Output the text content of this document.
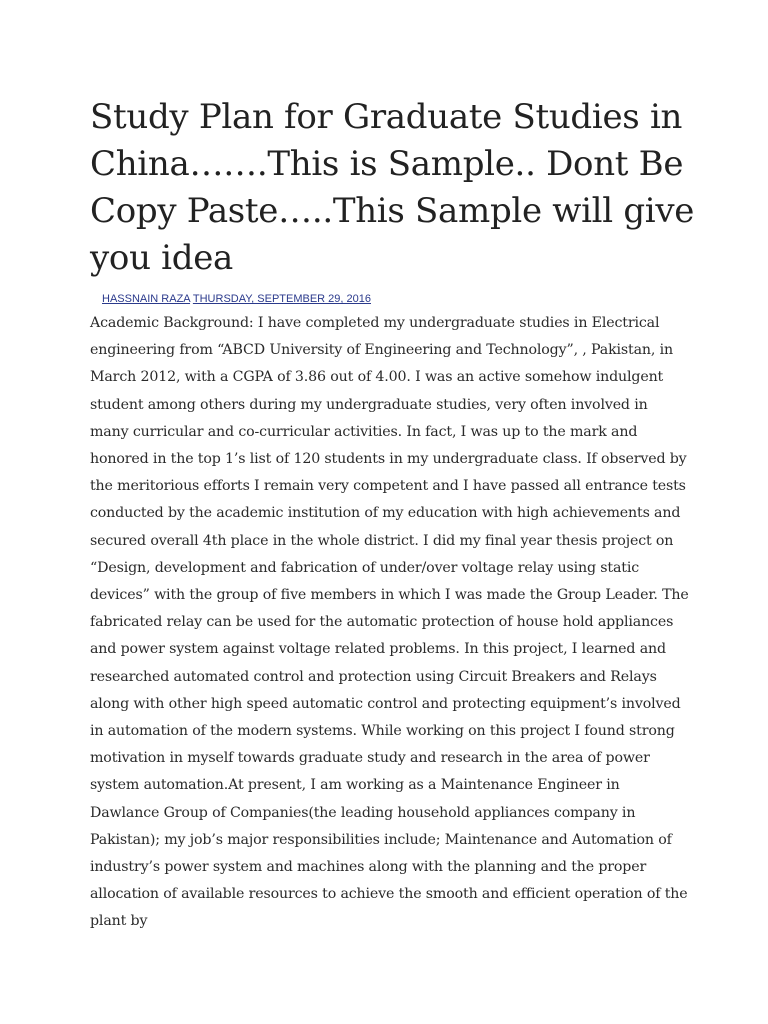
Study Plan for Graduate Studies in China…….This is Sample.. Dont Be Copy Paste…..This Sample will give you idea
HASSNAIN RAZA THURSDAY, SEPTEMBER 29, 2016

Academic Background: I have completed my undergraduate studies in Electrical engineering from “ABCD University of Engineering and Technology”, , Pakistan, in March 2012, with a CGPA of 3.86 out of 4.00. I was an active somehow indulgent student among others during my undergraduate studies, very often involved in many curricular and co-curricular activities. In fact, I was up to the mark and honored in the top 1’s list of 120 students in my undergraduate class. If observed by the meritorious efforts I remain very competent and I have passed all entrance tests conducted by the academic institution of my education with high achievements and secured overall 4th place in the whole district. I did my final year thesis project on “Design, development and fabrication of under/over voltage relay using static devices” with the group of five members in which I was made the Group Leader. The fabricated relay can be used for the automatic protection of house hold appliances and power system against voltage related problems. In this project, I learned and researched automated control and protection using Circuit Breakers and Relays along with other high speed automatic control and protecting equipment’s involved in automation of the modern systems. While working on this project I found strong motivation in myself towards graduate study and research in the area of power system automation.At present, I am working as a Maintenance Engineer in Dawlance Group of Companies(the leading household appliances company in Pakistan); my job’s major responsibilities include; Maintenance and Automation of industry’s power system and machines along with the planning and the proper allocation of available resources to achieve the smooth and efficient operation of the plant by
